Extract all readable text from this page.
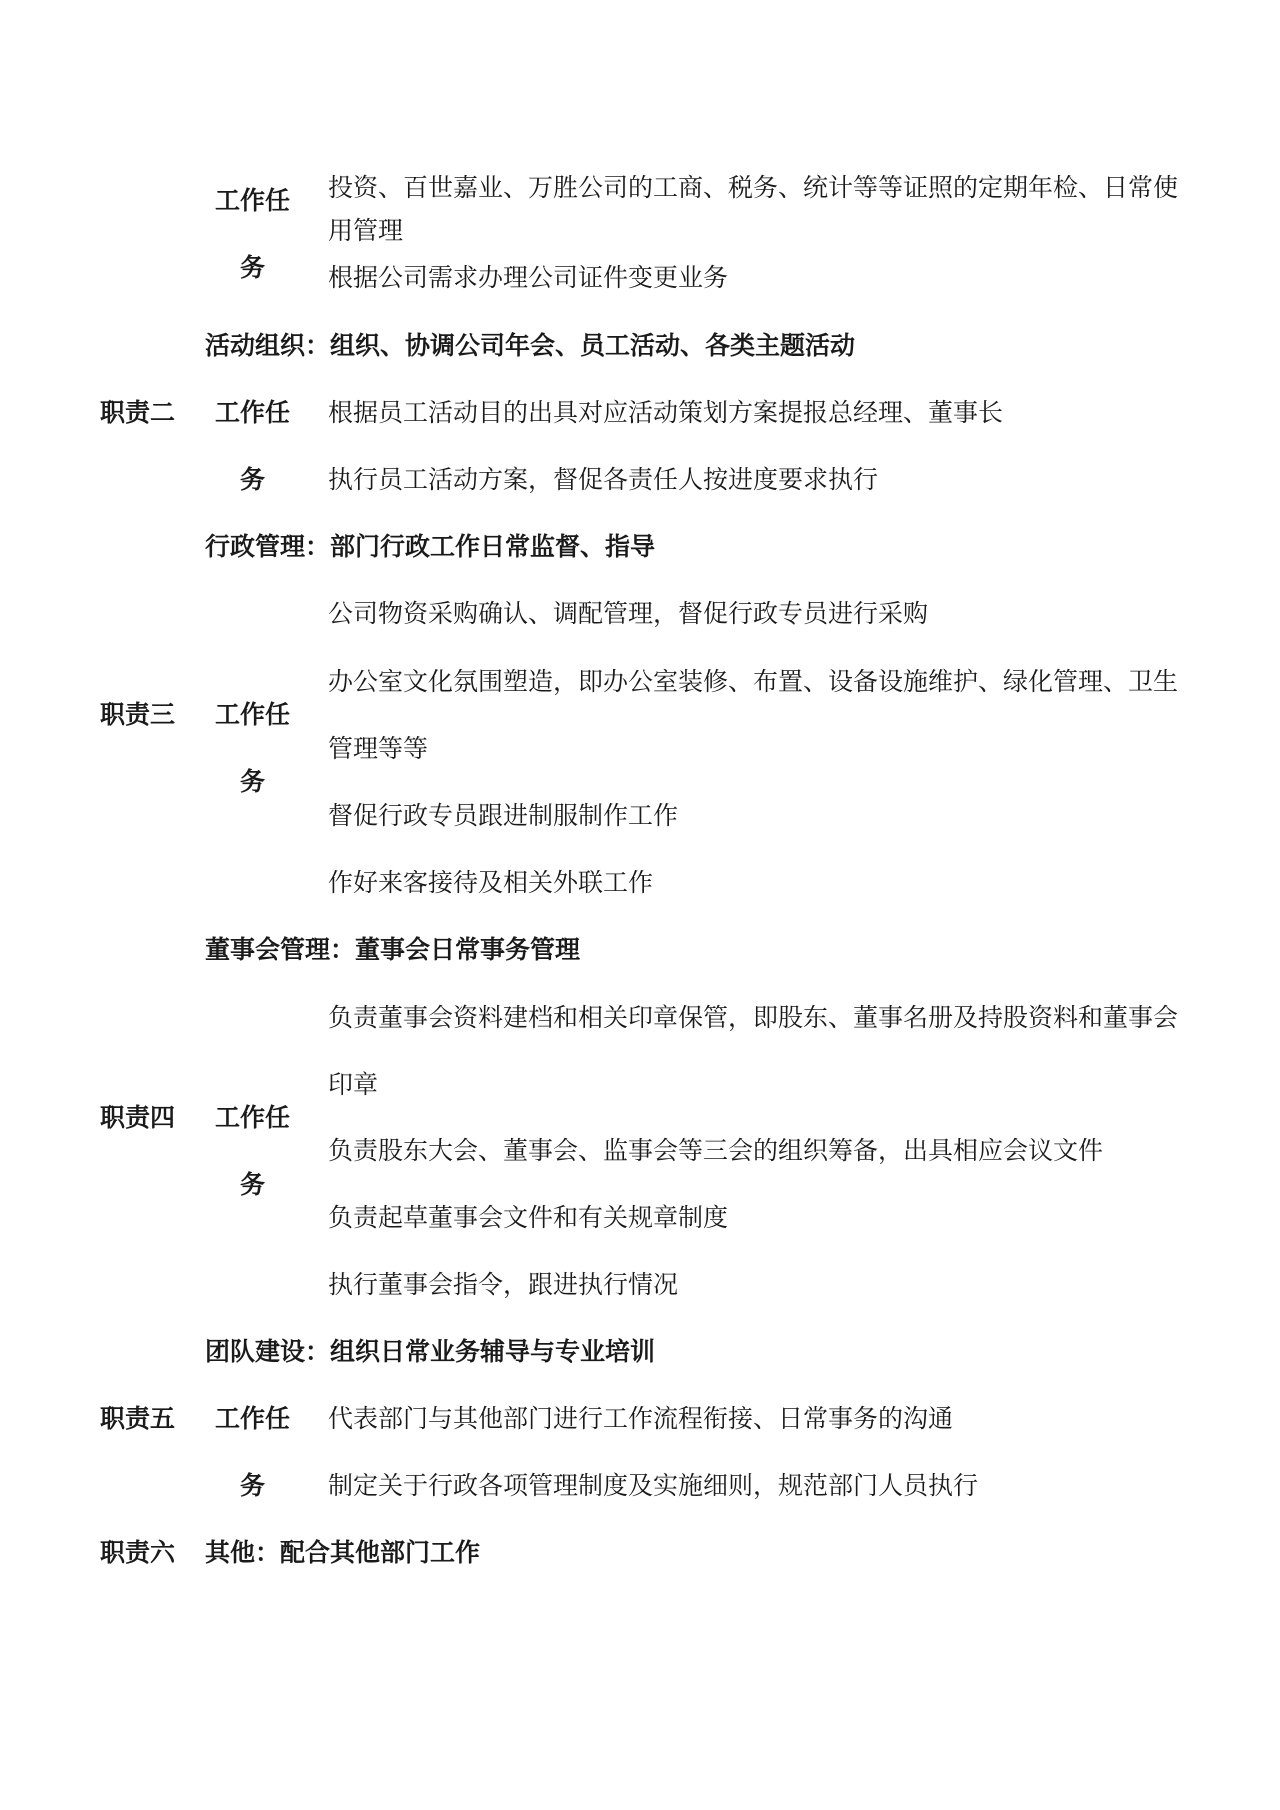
工作任
务
投资、百世嘉业、万胜公司的工商、税务、统计等等证照的定期年检、日常使用管理
根据公司需求办理公司证件变更业务
活动组织：组织、协调公司年会、员工活动、各类主题活动
职责二 工作任
务
根据员工活动目的出具对应活动策划方案提报总经理、董事长
执行员工活动方案，督促各责任人按进度要求执行
行政管理：部门行政工作日常监督、指导
公司物资采购确认、调配管理，督促行政专员进行采购
办公室文化氛围塑造，即办公室装修、布置、设备设施维护、绿化管理、卫生管理等等
职责三 工作任
务
督促行政专员跟进制服制作工作
作好来客接待及相关外联工作
董事会管理：董事会日常事务管理
负责董事会资料建档和相关印章保管，即股东、董事名册及持股资料和董事会印章
职责四 工作任
务
负责股东大会、董事会、监事会等三会的组织筹备，出具相应会议文件
负责起草董事会文件和有关规章制度
执行董事会指令，跟进执行情况
团队建设：组织日常业务辅导与专业培训
职责五 工作任
务
代表部门与其他部门进行工作流程衔接、日常事务的沟通
制定关于行政各项管理制度及实施细则，规范部门人员执行
职责六 其他：配合其他部门工作
